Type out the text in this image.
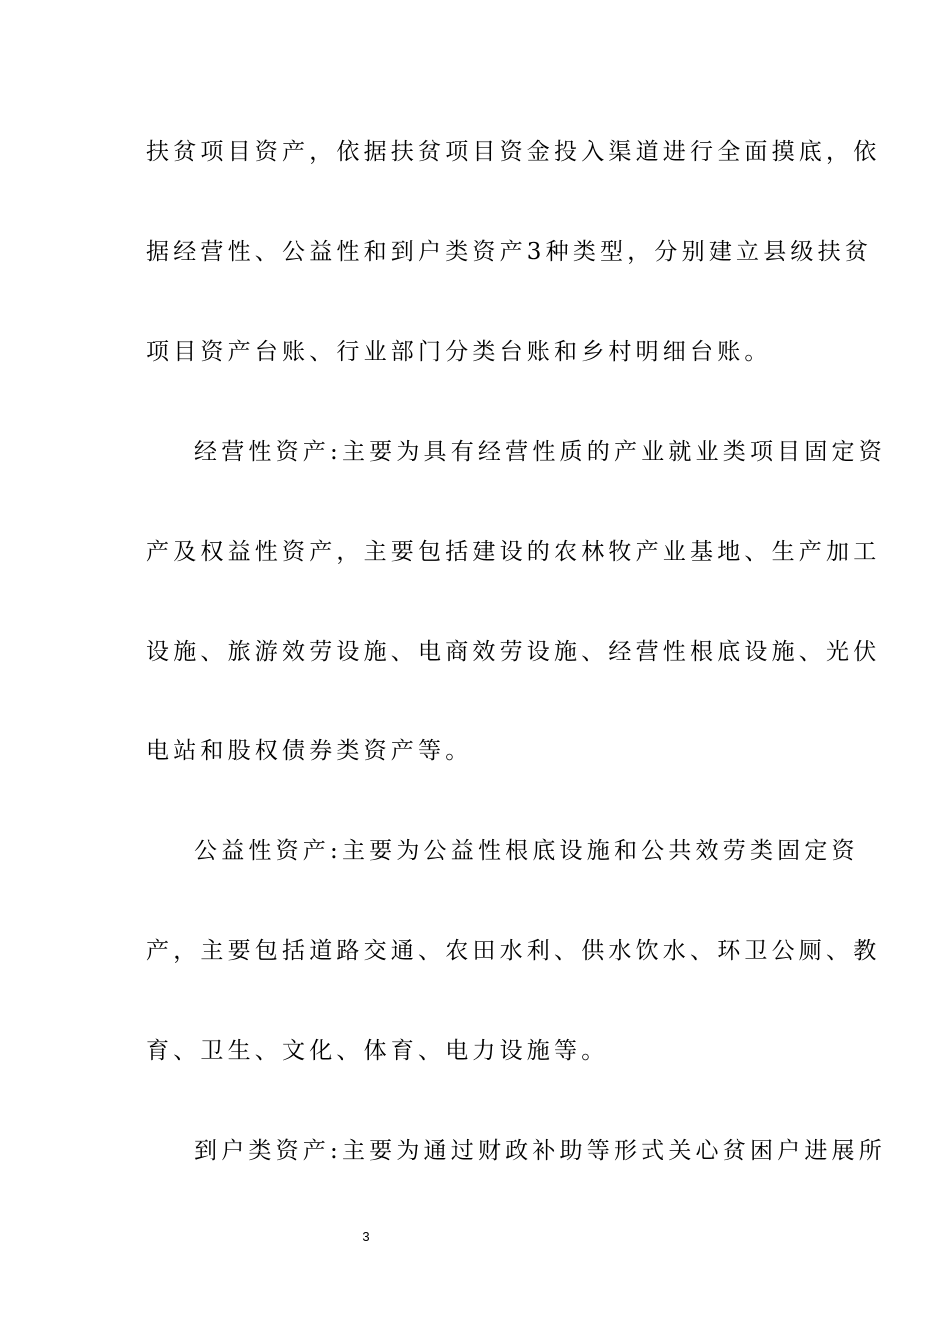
扶贫项目资产，依据扶贫项目资金投入渠道进行全面摸底，依
据经营性、公益性和到户类资产3种类型，分别建立县级扶贫
项目资产台账、行业部门分类台账和乡村明细台账。
经营性资产:主要为具有经营性质的产业就业类项目固定资
产及权益性资产，主要包括建设的农林牧产业基地、生产加工
设施、旅游效劳设施、电商效劳设施、经营性根底设施、光伏
电站和股权债券类资产等。
公益性资产:主要为公益性根底设施和公共效劳类固定资
产，主要包括道路交通、农田水利、供水饮水、环卫公厕、教
育、卫生、文化、体育、电力设施等。
到户类资产:主要为通过财政补助等形式关心贫困户进展所
3
